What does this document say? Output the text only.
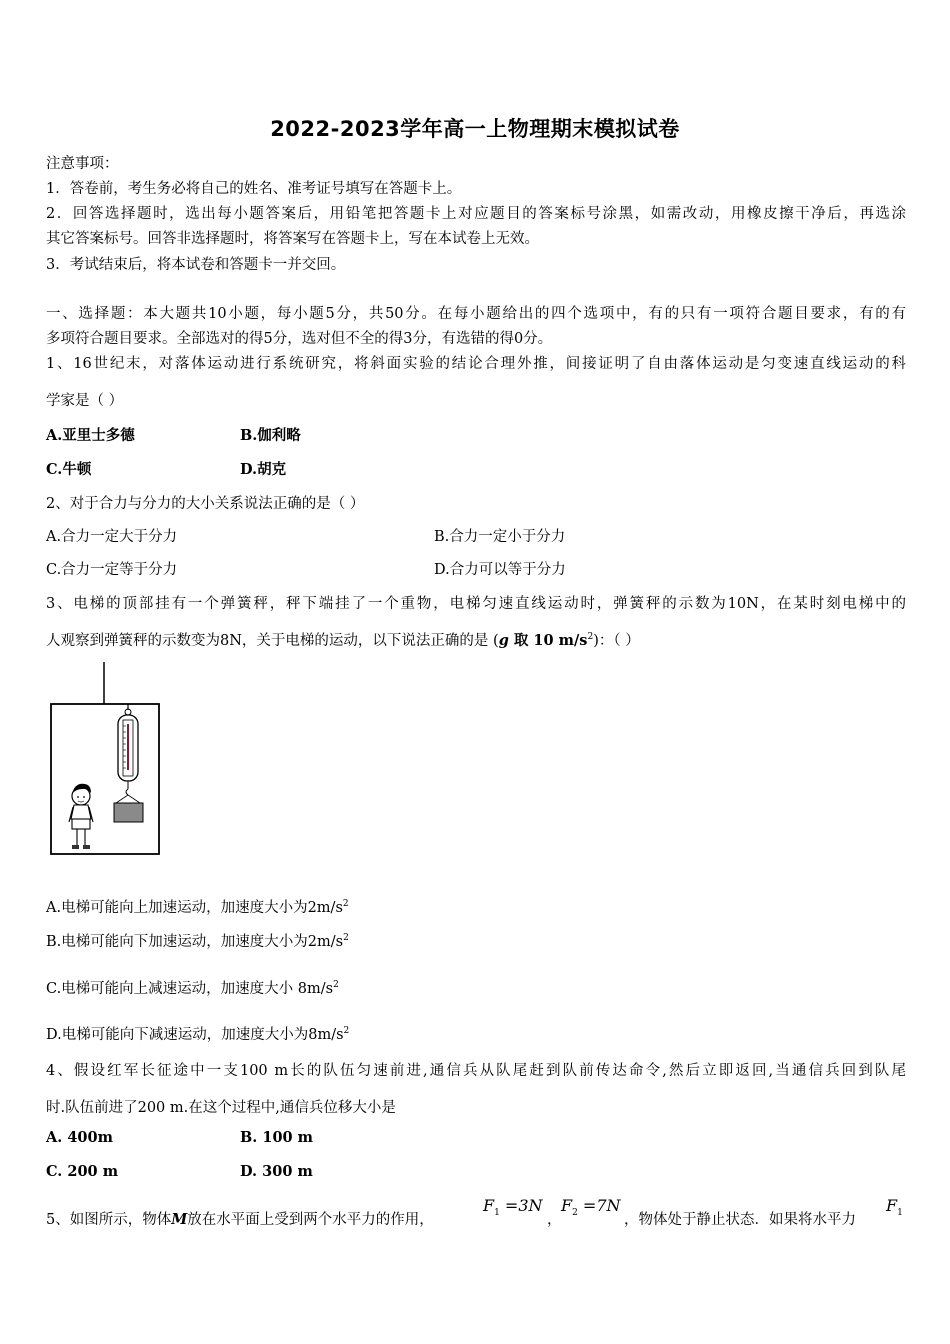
2022-2023学年高一上物理期末模拟试卷
注意事项：
1．答卷前，考生务必将自己的姓名、准考证号填写在答题卡上。
2．回答选择题时，选出每小题答案后，用铅笔把答题卡上对应题目的答案标号涂黑，如需改动，用橡皮擦干净后，再选涂
其它答案标号。回答非选择题时，将答案写在答题卡上，写在本试卷上无效。
3．考试结束后，将本试卷和答题卡一并交回。
一、选择题：本大题共10小题，每小题5分，共50分。在每小题给出的四个选项中，有的只有一项符合题目要求，有的有
多项符合题目要求。全部选对的得5分，选对但不全的得3分，有选错的得0分。
1、16世纪末，对落体运动进行系统研究，将斜面实验的结论合理外推，间接证明了自由落体运动是匀变速直线运动的科
学家是（ ）
A.亚里士多德	B.伽利略
C.牛顿	D.胡克
2、对于合力与分力的大小关系说法正确的是（ ）
A.合力一定大于分力	B.合力一定小于分力
C.合力一定等于分力	D.合力可以等于分力
3、电梯的顶部挂有一个弹簧秤，秤下端挂了一个重物，电梯匀速直线运动时，弹簧秤的示数为10N，在某时刻电梯中的
人观察到弹簧秤的示数变为8N，关于电梯的运动，以下说法正确的是 (g 取 10 $m/s^2$)：（ ）
A.电梯可能向上加速运动，加速度大小为$2m/s^2$
B.电梯可能向下加速运动，加速度大小为$2m/s^2$
C.电梯可能向上减速运动，加速度大小 $8m/s^2$
D.电梯可能向下减速运动，加速度大小为$8m/s^2$
4、假设红军长征途中一支100 m长的队伍匀速前进,通信兵从队尾赶到队前传达命令,然后立即返回,当通信兵回到队尾
时.队伍前进了200 m.在这个过程中,通信兵位移大小是
A. 400m	B. 100 m
C. 200 m	D. 300 m
5、如图所示，物体M放在水平面上受到两个水平力的作用，
$F_1 =3N$
，
$F_2 =7N$
，物体处于静止状态．如果将水平力
$F_1$
